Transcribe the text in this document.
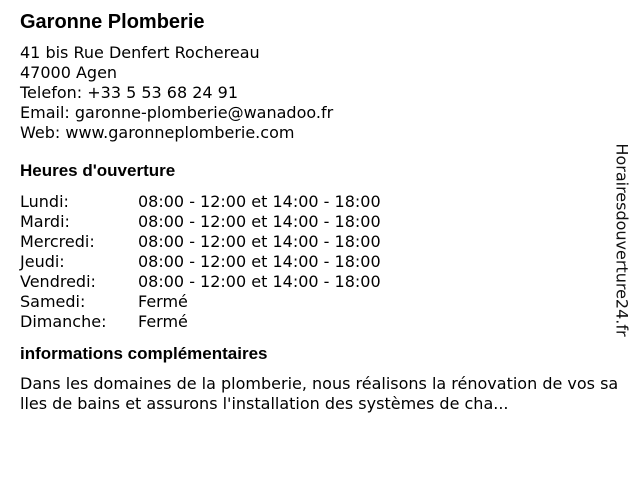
Garonne Plomberie
41 bis Rue Denfert Rochereau
47000 Agen
Telefon: +33 5 53 68 24 91
Email: garonne-plomberie@wanadoo.fr
Web: www.garonneplomberie.com
Heures d'ouverture
Lundi:	08:00 - 12:00 et 14:00 - 18:00
Mardi:	08:00 - 12:00 et 14:00 - 18:00
Mercredi:	08:00 - 12:00 et 14:00 - 18:00
Jeudi:	08:00 - 12:00 et 14:00 - 18:00
Vendredi:	08:00 - 12:00 et 14:00 - 18:00
Samedi:	Fermé
Dimanche:	Fermé
informations complémentaires
Dans les domaines de la plomberie, nous réalisons la rénovation de vos salles de bains et assurons l'installation des systèmes de cha...
Horairesdouverture24.fr
